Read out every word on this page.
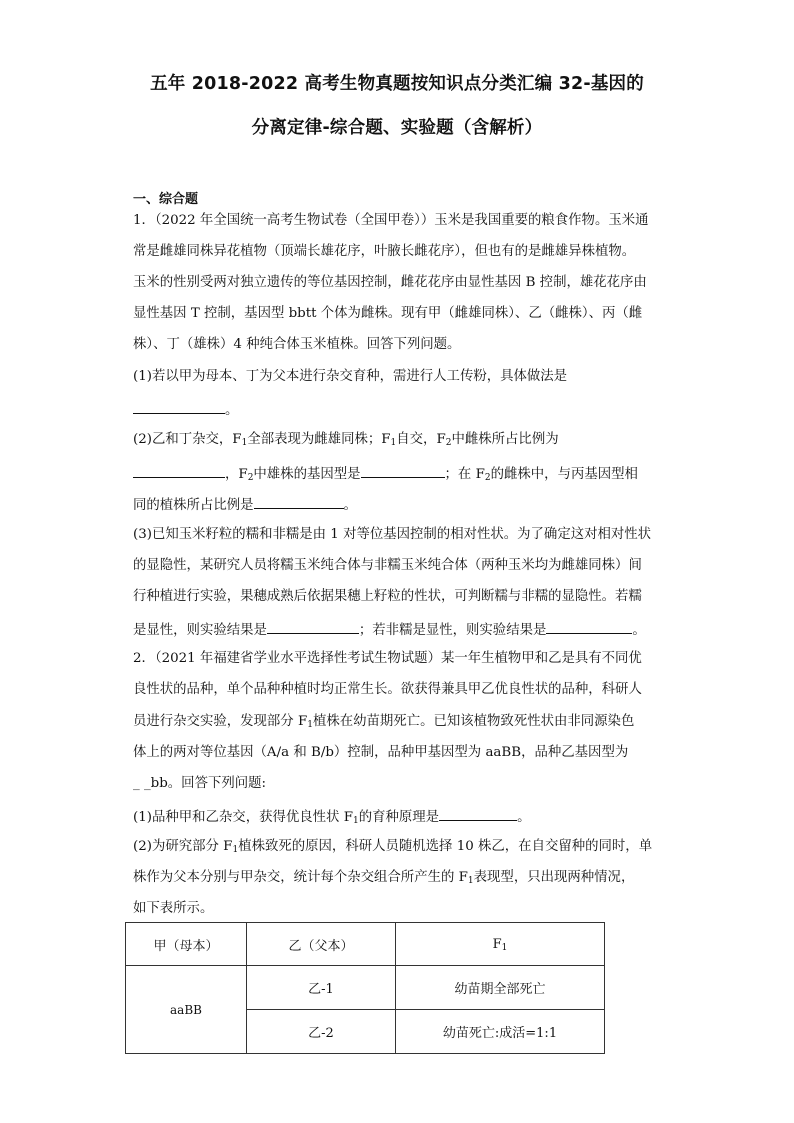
五年 2018-2022 高考生物真题按知识点分类汇编 32-基因的
分离定律-综合题、实验题（含解析）
一、综合题
1．（2022 年全国统一高考生物试卷（全国甲卷））玉米是我国重要的粮食作物。玉米通
常是雌雄同株异花植物（顶端长雄花序，叶腋长雌花序），但也有的是雌雄异株植物。
玉米的性别受两对独立遗传的等位基因控制，雌花花序由显性基因 B 控制，雄花花序由
显性基因 T 控制，基因型 bbtt 个体为雌株。现有甲（雌雄同株）、乙（雌株）、丙（雌
株）、丁（雄株）4 种纯合体玉米植株。回答下列问题。
(1)若以甲为母本、丁为父本进行杂交育种，需进行人工传粉，具体做法是
。
(2)乙和丁杂交，$F_1$全部表现为雌雄同株；$F_1$自交，$F_2$中雌株所占比例为
，$F_2$中雄株的基因型是	；在 $F_2$的雌株中，与丙基因型相
同的植株所占比例是	。
(3)已知玉米籽粒的糯和非糯是由 1 对等位基因控制的相对性状。为了确定这对相对性状
的显隐性，某研究人员将糯玉米纯合体与非糯玉米纯合体（两种玉米均为雌雄同株）间
行种植进行实验，果穗成熟后依据果穗上籽粒的性状，可判断糯与非糯的显隐性。若糯
是显性，则实验结果是	；若非糯是显性，则实验结果是	。
2．（2021 年福建省学业水平选择性考试生物试题）某一年生植物甲和乙是具有不同优
良性状的品种，单个品种种植时均正常生长。欲获得兼具甲乙优良性状的品种，科研人
员进行杂交实验，发现部分 $F_1$植株在幼苗期死亡。已知该植物致死性状由非同源染色
体上的两对等位基因（A/a 和 B/b）控制，品种甲基因型为 aaBB，品种乙基因型为
_ _bb。回答下列问题:
(1)品种甲和乙杂交，获得优良性状 $F_1$的育种原理是	。
(2)为研究部分 $F_1$植株致死的原因，科研人员随机选择 10 株乙，在自交留种的同时，单
株作为父本分别与甲杂交，统计每个杂交组合所产生的 $F_1$表现型，只出现两种情况，
如下表所示。
甲（母本）	乙（父本）	$F_1$
aaBB	乙-1	幼苗期全部死亡
	乙-2	幼苗死亡:成活=1:1
